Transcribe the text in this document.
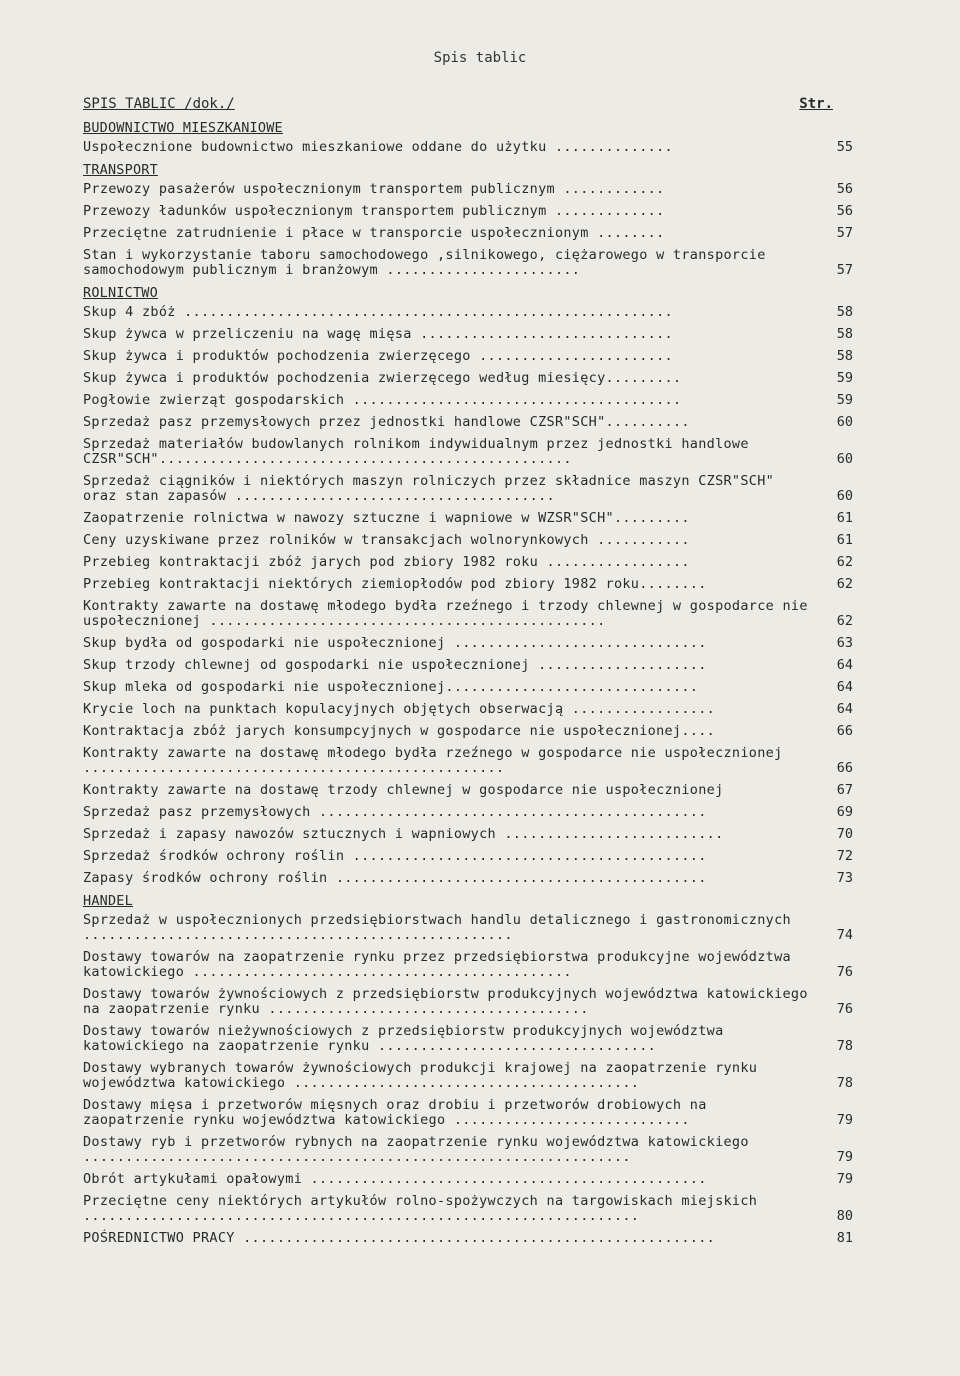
Spis tablic
SPIS TABLIC /dok./	Str.
BUDOWNICTWO MIESZKANIOWE
Uspołecznione budownictwo mieszkaniowe oddane do użytku ..............	55
TRANSPORT
Przewozy pasażerów uspołecznionym transportem publicznym ............	56
Przewozy ładunków uspołecznionym transportem publicznym .............	56
Przeciętne zatrudnienie i płace w transporcie uspołecznionym ........	57
Stan i wykorzystanie taboru samochodowego ,silnikowego, ciężarowego w transporcie samochodowym publicznym i branżowym .......................	57
ROLNICTWO
Skup 4 zbóż ..........................................................	58
Skup żywca w przeliczeniu na wagę mięsa ..............................	58
Skup żywca i produktów pochodzenia zwierzęcego .......................	58
Skup żywca i produktów pochodzenia zwierzęcego według miesięcy.........	59
Pogłowie zwierząt gospodarskich .......................................	59
Sprzedaż pasz przemysłowych przez jednostki handlowe CZSR"SCH"..........	60
Sprzedaż materiałów budowlanych rolnikom indywidualnym przez jednostki handlowe CZSR"SCH".................................................	60
Sprzedaż ciągników i niektórych maszyn rolniczych przez składnice maszyn CZSR"SCH" oraz stan zapasów ......................................	60
Zaopatrzenie rolnictwa w nawozy sztuczne i wapniowe w WZSR"SCH".........	61
Ceny uzyskiwane przez rolników w transakcjach wolnorynkowych ...........	61
Przebieg kontraktacji zbóż jarych pod zbiory 1982 roku .................	62
Przebieg kontraktacji niektórych ziemiopłodów pod zbiory 1982 roku........	62
Kontrakty zawarte na dostawę młodego bydła rzeźnego i trzody chlewnej w gospodarce nie uspołecznionej ...............................................	62
Skup bydła od gospodarki nie uspołecznionej ..............................	63
Skup trzody chlewnej od gospodarki nie uspołecznionej ....................	64
Skup mleka od gospodarki nie uspołecznionej..............................	64
Krycie loch na punktach kopulacyjnych objętych obserwacją .................	64
Kontraktacja zbóż jarych konsumpcyjnych w gospodarce nie uspołecznionej....	66
Kontrakty zawarte na dostawę młodego bydła rzeźnego w gospodarce nie uspołecznionej ..................................................	66
Kontrakty zawarte na dostawę trzody chlewnej w gospodarce nie uspołecznionej	67
Sprzedaż pasz przemysłowych ..............................................	69
Sprzedaż i zapasy nawozów sztucznych i wapniowych ..........................	70
Sprzedaż środków ochrony roślin ..........................................	72
Zapasy środków ochrony roślin ............................................	73
HANDEL
Sprzedaż w uspołecznionych przedsiębiorstwach handlu detalicznego i gastronomicznych ...................................................	74
Dostawy towarów na zaopatrzenie rynku przez przedsiębiorstwa produkcyjne województwa katowickiego .............................................	76
Dostawy towarów żywnościowych z przedsiębiorstw produkcyjnych województwa katowickiego na zaopatrzenie rynku ......................................	76
Dostawy towarów nieżywnościowych z przedsiębiorstw produkcyjnych województwa katowickiego na zaopatrzenie rynku .................................	78
Dostawy wybranych towarów żywnościowych produkcji krajowej na zaopatrzenie rynku województwa katowickiego .........................................	78
Dostawy mięsa i przetworów mięsnych oraz drobiu i przetworów drobiowych na zaopatrzenie rynku województwa katowickiego ............................	79
Dostawy ryb i przetworów rybnych na zaopatrzenie rynku województwa katowickiego .................................................................	79
Obrót artykułami opałowymi ...............................................	79
Przeciętne ceny niektórych artykułów rolno-spożywczych na targowiskach miejskich ..................................................................	80
POŚREDNICTWO PRACY ........................................................	81
